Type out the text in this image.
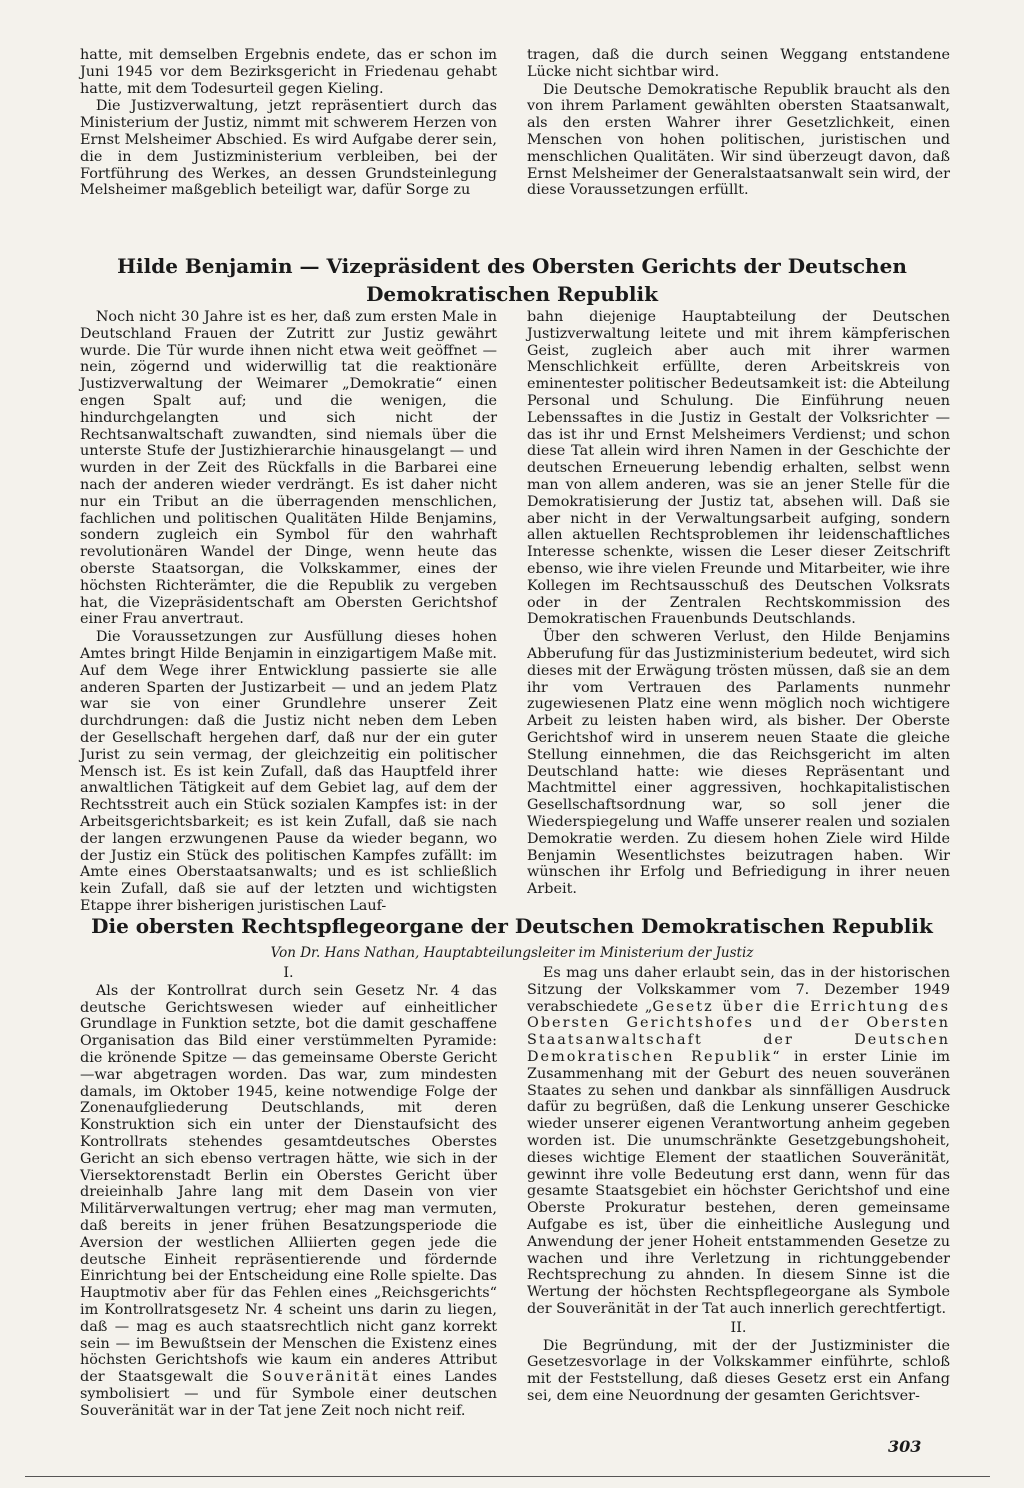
hatte, mit demselben Ergebnis endete, das er schon im Juni 1945 vor dem Bezirksgericht in Friedenau gehabt hatte, mit dem Todesurteil gegen Kieling.

Die Justizverwaltung, jetzt repräsentiert durch das Ministerium der Justiz, nimmt mit schwerem Herzen von Ernst Melsheimer Abschied. Es wird Aufgabe derer sein, die in dem Justizministerium verbleiben, bei der Fortführung des Werkes, an dessen Grundsteinlegung Melsheimer maßgeblich beteiligt war, dafür Sorge zu

tragen, daß die durch seinen Weggang entstandene Lücke nicht sichtbar wird.

Die Deutsche Demokratische Republik braucht als den von ihrem Parlament gewählten obersten Staatsanwalt, als den ersten Wahrer ihrer Gesetzlichkeit, einen Menschen von hohen politischen, juristischen und menschlichen Qualitäten. Wir sind überzeugt davon, daß Ernst Melsheimer der Generalstaatsanwalt sein wird, der diese Voraussetzungen erfüllt.

Hilde Benjamin — Vizepräsident des Obersten Gerichts der Deutschen Demokratischen Republik

Noch nicht 30 Jahre ist es her, daß zum ersten Male in Deutschland Frauen der Zutritt zur Justiz gewährt wurde. Die Tür wurde ihnen nicht etwa weit geöffnet — nein, zögernd und widerwillig tat die reaktionäre Justizverwaltung der Weimarer „Demokratie“ einen engen Spalt auf; und die wenigen, die hindurchgelangten und sich nicht der Rechtsanwaltschaft zuwandten, sind niemals über die unterste Stufe der Justizhierarchie hinausgelangt — und wurden in der Zeit des Rückfalls in die Barbarei eine nach der anderen wieder verdrängt. Es ist daher nicht nur ein Tribut an die überragenden menschlichen, fachlichen und politischen Qualitäten Hilde Benjamins, sondern zugleich ein Symbol für den wahrhaft revolutionären Wandel der Dinge, wenn heute das oberste Staatsorgan, die Volkskammer, eines der höchsten Richterämter, die die Republik zu vergeben hat, die Vizepräsidentschaft am Obersten Gerichtshof einer Frau anvertraut.

Die Voraussetzungen zur Ausfüllung dieses hohen Amtes bringt Hilde Benjamin in einzigartigem Maße mit. Auf dem Wege ihrer Entwicklung passierte sie alle anderen Sparten der Justizarbeit — und an jedem Platz war sie von einer Grundlehre unserer Zeit durchdrungen: daß die Justiz nicht neben dem Leben der Gesellschaft hergehen darf, daß nur der ein guter Jurist zu sein vermag, der gleichzeitig ein politischer Mensch ist. Es ist kein Zufall, daß das Hauptfeld ihrer anwaltlichen Tätigkeit auf dem Gebiet lag, auf dem der Rechtsstreit auch ein Stück sozialen Kampfes ist: in der Arbeitsgerichtsbarkeit; es ist kein Zufall, daß sie nach der langen erzwungenen Pause da wieder begann, wo der Justiz ein Stück des politischen Kampfes zufällt: im Amte eines Oberstaatsanwalts; und es ist schließlich kein Zufall, daß sie auf der letzten und wichtigsten Etappe ihrer bisherigen juristischen Lauf-

bahn diejenige Hauptabteilung der Deutschen Justizverwaltung leitete und mit ihrem kämpferischen Geist, zugleich aber auch mit ihrer warmen Menschlichkeit erfüllte, deren Arbeitskreis von eminentester politischer Bedeutsamkeit ist: die Abteilung Personal und Schulung. Die Einführung neuen Lebenssaftes in die Justiz in Gestalt der Volksrichter — das ist ihr und Ernst Melsheimers Verdienst; und schon diese Tat allein wird ihren Namen in der Geschichte der deutschen Erneuerung lebendig erhalten, selbst wenn man von allem anderen, was sie an jener Stelle für die Demokratisierung der Justiz tat, absehen will. Daß sie aber nicht in der Verwaltungsarbeit aufging, sondern allen aktuellen Rechtsproblemen ihr leidenschaftliches Interesse schenkte, wissen die Leser dieser Zeitschrift ebenso, wie ihre vielen Freunde und Mitarbeiter, wie ihre Kollegen im Rechtsausschuß des Deutschen Volksrats oder in der Zentralen Rechtskommission des Demokratischen Frauenbunds Deutschlands.

Über den schweren Verlust, den Hilde Benjamins Abberufung für das Justizministerium bedeutet, wird sich dieses mit der Erwägung trösten müssen, daß sie an dem ihr vom Vertrauen des Parlaments nunmehr zugewiesenen Platz eine wenn möglich noch wichtigere Arbeit zu leisten haben wird, als bisher. Der Oberste Gerichtshof wird in unserem neuen Staate die gleiche Stellung einnehmen, die das Reichsgericht im alten Deutschland hatte: wie dieses Repräsentant und Machtmittel einer aggressiven, hochkapitalistischen Gesellschaftsordnung war, so soll jener die Wiederspiegelung und Waffe unserer realen und sozialen Demokratie werden. Zu diesem hohen Ziele wird Hilde Benjamin Wesentlichstes beizutragen haben. Wir wünschen ihr Erfolg und Befriedigung in ihrer neuen Arbeit.

Die obersten Rechtspflegeorgane der Deutschen Demokratischen Republik

Von Dr. Hans Nathan, Hauptabteilungsleiter im Ministerium der Justiz

I.

Als der Kontrollrat durch sein Gesetz Nr. 4 das deutsche Gerichtswesen wieder auf einheitlicher Grundlage in Funktion setzte, bot die damit geschaffene Organisation das Bild einer verstümmelten Pyramide: die krönende Spitze — das gemeinsame Oberste Gericht—war abgetragen worden. Das war, zum mindesten damals, im Oktober 1945, keine notwendige Folge der Zonenaufgliederung Deutschlands, mit deren Konstruktion sich ein unter der Dienstaufsicht des Kontrollrats stehendes gesamtdeutsches Oberstes Gericht an sich ebenso vertragen hätte, wie sich in der Viersektorenstadt Berlin ein Oberstes Gericht über dreieinhalb Jahre lang mit dem Dasein von vier Militärverwaltungen vertrug; eher mag man vermuten, daß bereits in jener frühen Besatzungsperiode die Aversion der westlichen Alliierten gegen jede die deutsche Einheit repräsentierende und fördernde Einrichtung bei der Entscheidung eine Rolle spielte. Das Hauptmotiv aber für das Fehlen eines „Reichsgerichts“ im Kontrollratsgesetz Nr. 4 scheint uns darin zu liegen, daß — mag es auch staatsrechtlich nicht ganz korrekt sein — im Bewußtsein der Menschen die Existenz eines höchsten Gerichtshofs wie kaum ein anderes Attribut der Staatsgewalt die Souveränität eines Landes symbolisiert — und für Symbole einer deutschen Souveränität war in der Tat jene Zeit noch nicht reif.

Es mag uns daher erlaubt sein, das in der historischen Sitzung der Volkskammer vom 7. Dezember 1949 verabschiedete „Gesetz über die Errichtung des Obersten Gerichtshofes und der Obersten Staatsanwaltschaft der Deutschen Demokratischen Republik“ in erster Linie im Zusammenhang mit der Geburt des neuen souveränen Staates zu sehen und dankbar als sinnfälligen Ausdruck dafür zu begrüßen, daß die Lenkung unserer Geschicke wieder unserer eigenen Verantwortung anheim gegeben worden ist. Die unumschränkte Gesetzgebungshoheit, dieses wichtige Element der staatlichen Souveränität, gewinnt ihre volle Bedeutung erst dann, wenn für das gesamte Staatsgebiet ein höchster Gerichtshof und eine Oberste Prokuratur bestehen, deren gemeinsame Aufgabe es ist, über die einheitliche Auslegung und Anwendung der jener Hoheit entstammenden Gesetze zu wachen und ihre Verletzung in richtunggebender Rechtsprechung zu ahnden. In diesem Sinne ist die Wertung der höchsten Rechtspflegeorgane als Symbole der Souveränität in der Tat auch innerlich gerechtfertigt.

II.

Die Begründung, mit der der Justizminister die Gesetzesvorlage in der Volkskammer einführte, schloß mit der Feststellung, daß dieses Gesetz erst ein Anfang sei, dem eine Neuordnung der gesamten Gerichtsver-

303
